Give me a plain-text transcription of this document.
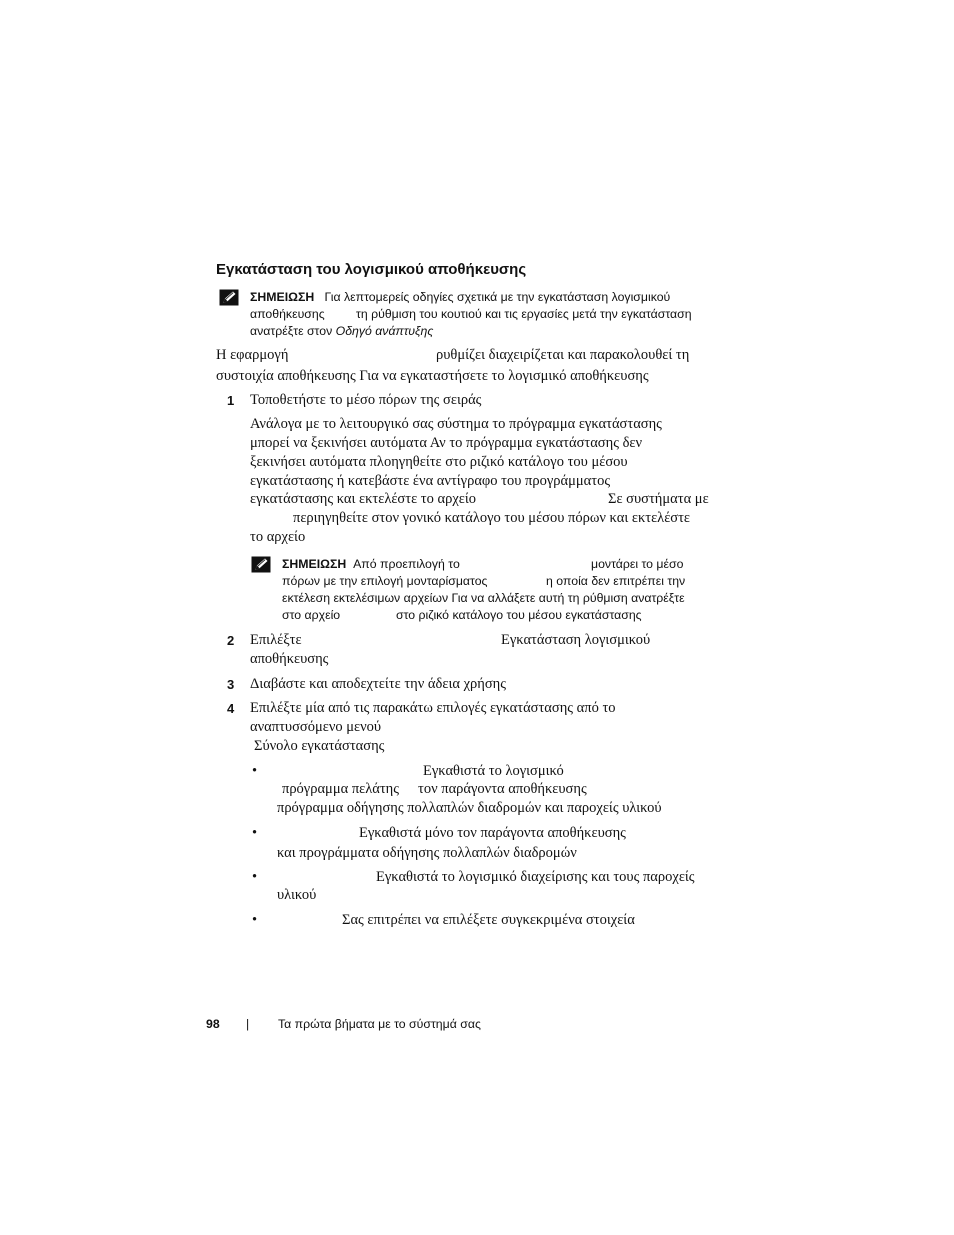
Εγκατάσταση του λογισμικού αποθήκευσης
ΣΗΜΕΙΩΣΗ Για λεπτομερείς οδηγίες σχετικά με την εγκατάσταση λογισμικού
αποθήκευσης	τη ρύθμιση του κουτιού και τις εργασίες μετά την εγκατάσταση
ανατρέξτε στον Οδηγό ανάπτυξης
Η εφαρμογή	ρυθμίζει διαχειρίζεται και παρακολουθεί τη
συστοιχία αποθήκευσης Για να εγκαταστήσετε το λογισμικό αποθήκευσης
1 Τοποθετήστε το μέσο πόρων της σειράς
Ανάλογα με το λειτουργικό σας σύστημα το πρόγραμμα εγκατάστασης
μπορεί να ξεκινήσει αυτόματα Αν το πρόγραμμα εγκατάστασης δεν
ξεκινήσει αυτόματα πλοηγηθείτε στο ριζικό κατάλογο του μέσου
εγκατάστασης ή κατεβάστε ένα αντίγραφο του προγράμματος
εγκατάστασης και εκτελέστε το αρχείο	Σε συστήματα με
περιηγηθείτε στον γονικό κατάλογο του μέσου πόρων και εκτελέστε
το αρχείο
ΣΗΜΕΙΩΣΗ Από προεπιλογή το	μοντάρει το μέσο
πόρων με την επιλογή μονταρίσματος	η οποία δεν επιτρέπει την
εκτέλεση εκτελέσιμων αρχείων Για να αλλάξετε αυτή τη ρύθμιση ανατρέξτε
στο αρχείο	στο ριζικό κατάλογο του μέσου εγκατάστασης
2 Επιλέξτε	Εγκατάσταση λογισμικού
αποθήκευσης
3 Διαβάστε και αποδεχτείτε την άδεια χρήσης
4 Επιλέξτε μία από τις παρακάτω επιλογές εγκατάστασης από το
αναπτυσσόμενο μενού
Σύνολο εγκατάστασης
•	Εγκαθιστά το λογισμικό
πρόγραμμα πελάτης τον παράγοντα αποθήκευσης
πρόγραμμα οδήγησης πολλαπλών διαδρομών και παροχείς υλικού
•	Εγκαθιστά μόνο τον παράγοντα αποθήκευσης
και προγράμματα οδήγησης πολλαπλών διαδρομών
•	Εγκαθιστά το λογισμικό διαχείρισης και τους παροχείς
υλικού
•	Σας επιτρέπει να επιλέξετε συγκεκριμένα στοιχεία
98 | Τα πρώτα βήματα με το σύστημά σας
